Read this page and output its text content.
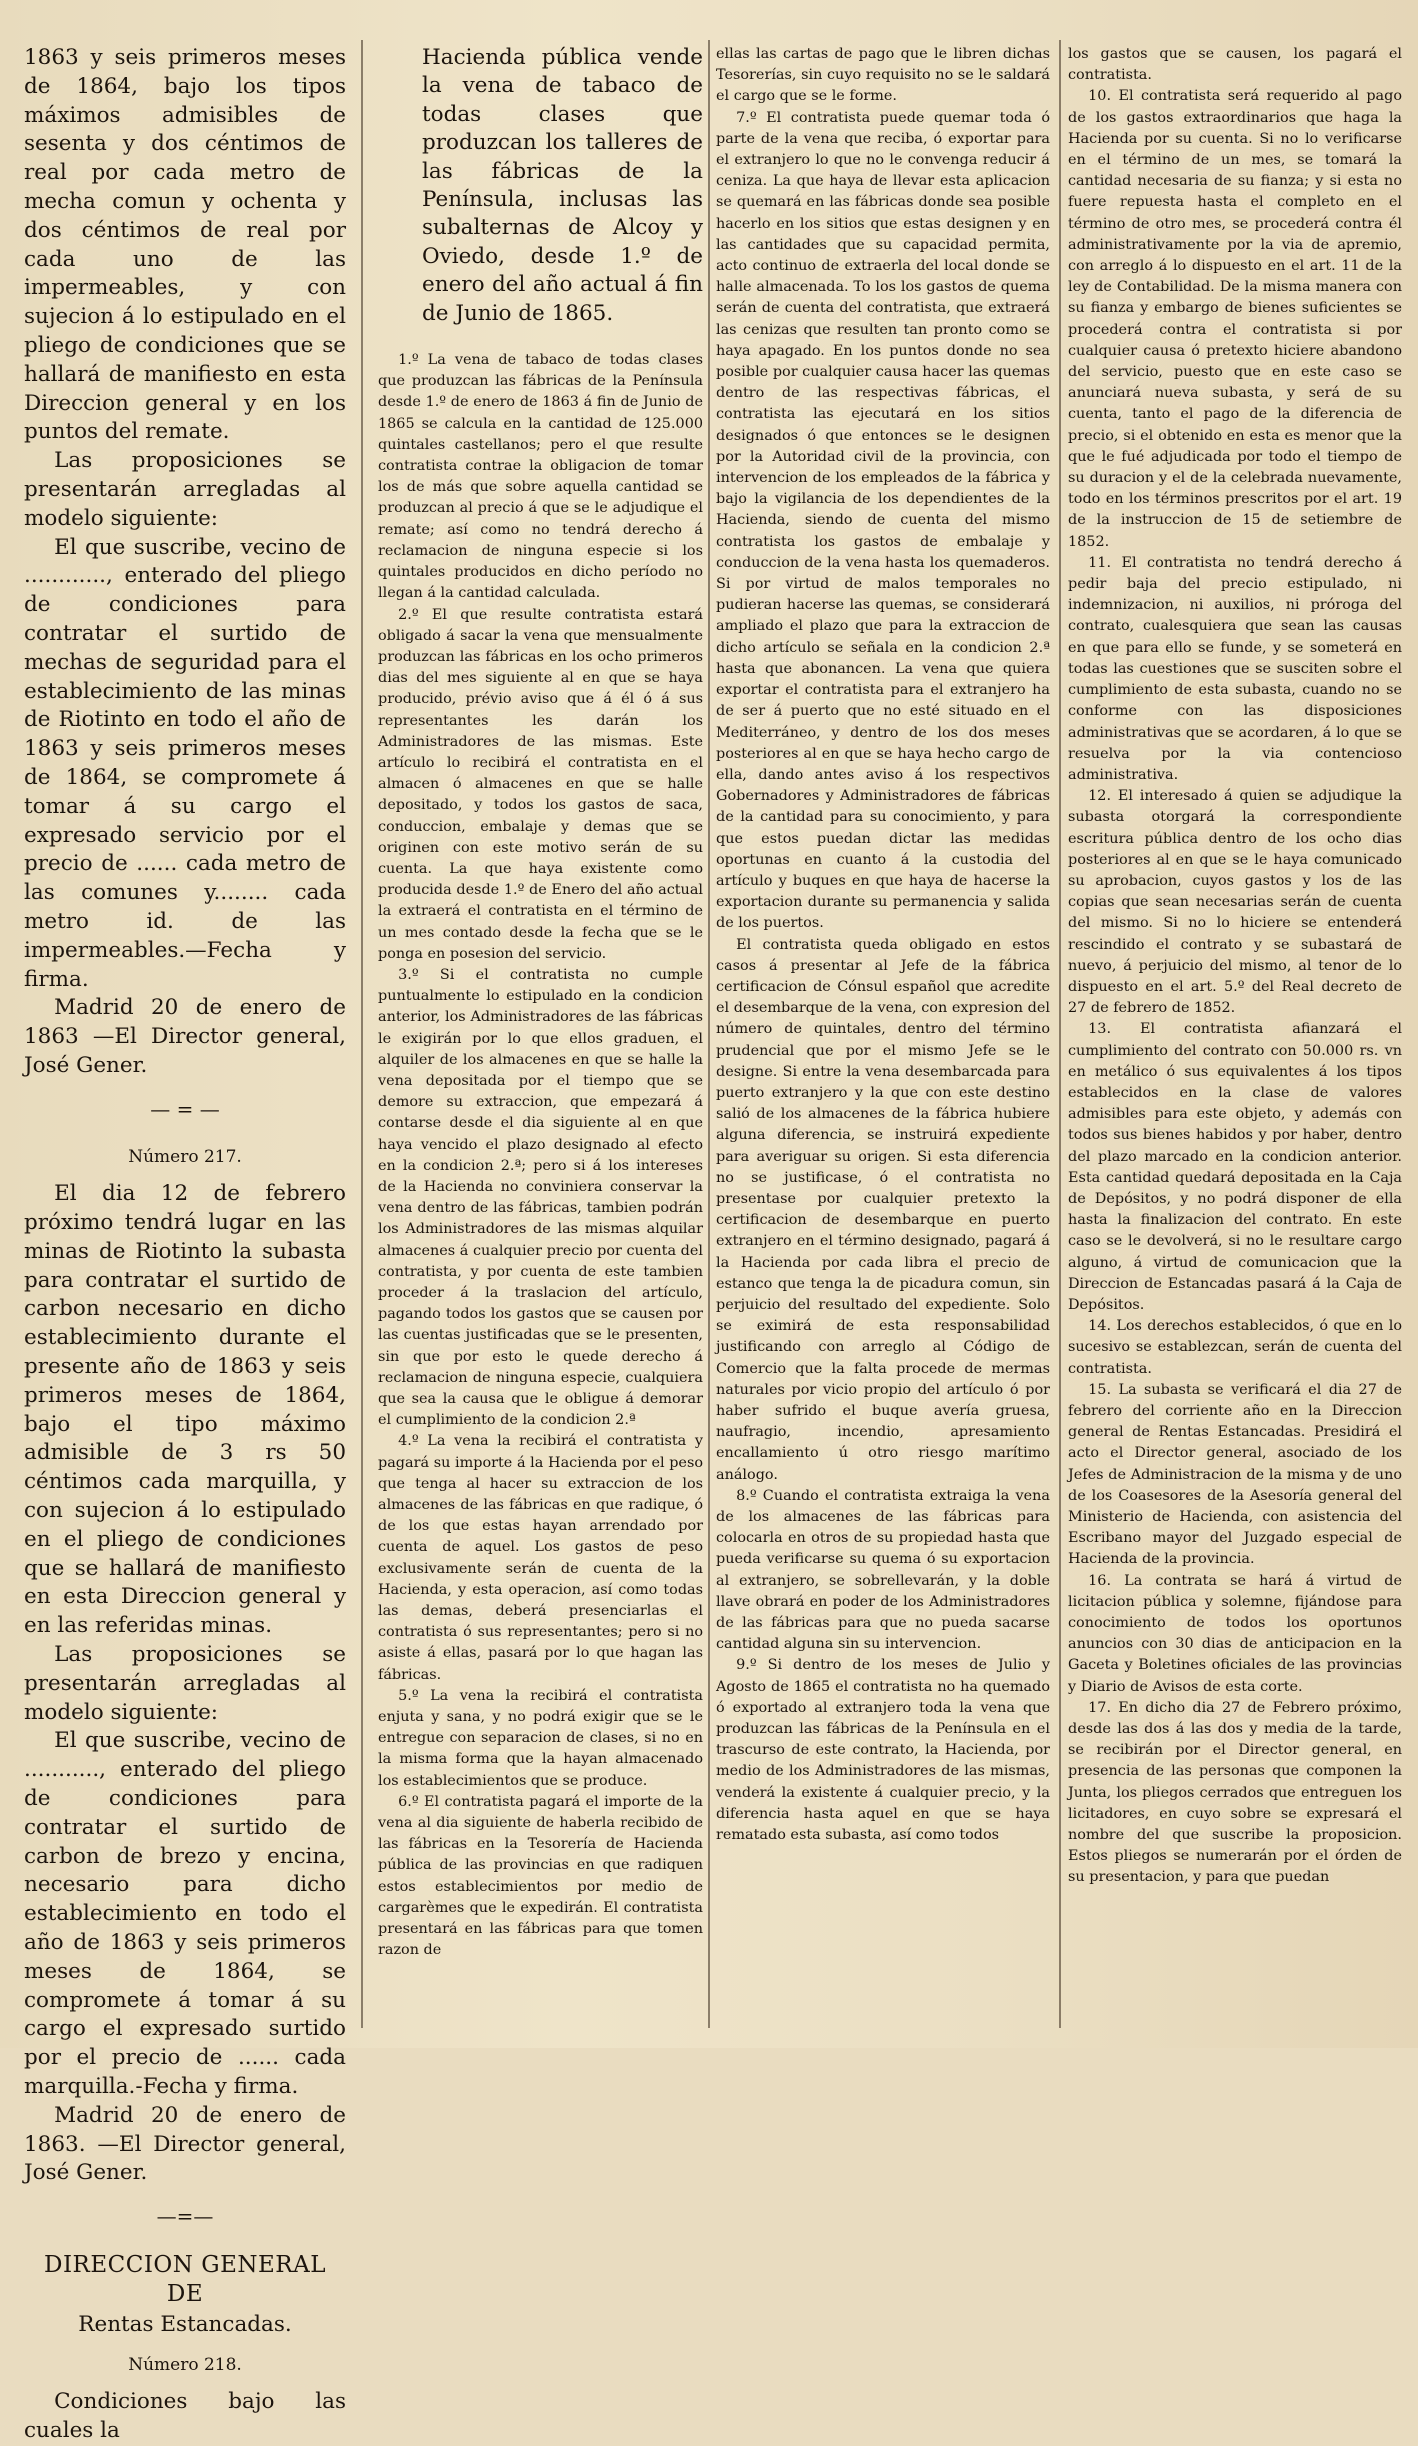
1863 y seis primeros meses de 1864, bajo los tipos máximos admisibles de sesenta y dos céntimos de real por cada metro de mecha comun y ochenta y dos céntimos de real por cada uno de las impermeables, y con sujecion á lo estipulado en el pliego de condiciones que se hallará de manifiesto en esta Direccion general y en los puntos del remate.

Las proposiciones se presentarán arregladas al modelo siguiente:

El que suscribe, vecino de ............, enterado del pliego de condiciones para contratar el surtido de mechas de seguridad para el establecimiento de las minas de Riotinto en todo el año de 1863 y seis primeros meses de 1864, se compromete á tomar á su cargo el expresado servicio por el precio de ...... cada metro de las comunes y........ cada metro id. de las impermeables.—Fecha y firma.

Madrid 20 de enero de 1863 —El Director general, José Gener.

— = —
Número 217.

El dia 12 de febrero próximo tendrá lugar en las minas de Riotinto la subasta para contratar el surtido de carbon necesario en dicho establecimiento durante el presente año de 1863 y seis primeros meses de 1864, bajo el tipo máximo admisible de 3 rs 50 céntimos cada marquilla, y con sujecion á lo estipulado en el pliego de condiciones que se hallará de manifiesto en esta Direccion general y en las referidas minas.

Las proposiciones se presentarán arregladas al modelo siguiente:

El que suscribe, vecino de ..........., enterado del pliego de condiciones para contratar el surtido de carbon de brezo y encina, necesario para dicho establecimiento en todo el año de 1863 y seis primeros meses de 1864, se compromete á tomar á su cargo el expresado surtido por el precio de ...... cada marquilla.-Fecha y firma.

Madrid 20 de enero de 1863. —El Director general, José Gener.

—=—
DIRECCION GENERAL DE
Rentas Estancadas.
Número 218.

Condiciones bajo las cuales la

Hacienda pública vende la vena de tabaco de todas clases que produzcan los talleres de las fábricas de la Península, inclusas las subalternas de Alcoy y Oviedo, desde 1.º de enero del año actual á fin de Junio de 1865.

1.º La vena de tabaco de todas clases que produzcan las fábricas de la Península desde 1.º de enero de 1863 á fin de Junio de 1865 se calcula en la cantidad de 125.000 quintales castellanos; pero el que resulte contratista contrae la obligacion de tomar los de más que sobre aquella cantidad se produzcan al precio á que se le adjudique el remate; así como no tendrá derecho á reclamacion de ninguna especie si los quintales producidos en dicho período no llegan á la cantidad calculada.

2.º El que resulte contratista estará obligado á sacar la vena que mensualmente produzcan las fábricas en los ocho primeros dias del mes siguiente al en que se haya producido, prévio aviso que á él ó á sus representantes les darán los Administradores de las mismas. Este artículo lo recibirá el contratista en el almacen ó almacenes en que se halle depositado, y todos los gastos de saca, conduccion, embalaje y demas que se originen con este motivo serán de su cuenta. La que haya existente como producida desde 1.º de Enero del año actual la extraerá el contratista en el término de un mes contado desde la fecha que se le ponga en posesion del servicio.

3.º Si el contratista no cumple puntualmente lo estipulado en la condicion anterior, los Administradores de las fábricas le exigirán por lo que ellos graduen, el alquiler de los almacenes en que se halle la vena depositada por el tiempo que se demore su extraccion, que empezará á contarse desde el dia siguiente al en que haya vencido el plazo designado al efecto en la condicion 2.ª; pero si á los intereses de la Hacienda no conviniera conservar la vena dentro de las fábricas, tambien podrán los Administradores de las mismas alquilar almacenes á cualquier precio por cuenta del contratista, y por cuenta de este tambien proceder á la traslacion del artículo, pagando todos los gastos que se causen por las cuentas justificadas que se le presenten, sin que por esto le quede derecho á reclamacion de ninguna especie, cualquiera que sea la causa que le obligue á demorar el cumplimiento de la condicion 2.ª

4.º La vena la recibirá el contratista y pagará su importe á la Hacienda por el peso que tenga al hacer su extraccion de los almacenes de las fábricas en que radique, ó de los que estas hayan arrendado por cuenta de aquel. Los gastos de peso exclusivamente serán de cuenta de la Hacienda, y esta operacion, así como todas las demas, deberá presenciarlas el contratista ó sus representantes; pero si no asiste á ellas, pasará por lo que hagan las fábricas.

5.º La vena la recibirá el contratista enjuta y sana, y no podrá exigir que se le entregue con separacion de clases, si no en la misma forma que la hayan almacenado los establecimientos que se produce.

6.º El contratista pagará el importe de la vena al dia siguiente de haberla recibido de las fábricas en la Tesorería de Hacienda pública de las provincias en que radiquen estos establecimientos por medio de cargarèmes que le expedirán. El contratista presentará en las fábricas para que tomen razon de

ellas las cartas de pago que le libren dichas Tesorerías, sin cuyo requisito no se le saldará el cargo que se le forme.

7.º El contratista puede quemar toda ó parte de la vena que reciba, ó exportar para el extranjero lo que no le convenga reducir á ceniza. La que haya de llevar esta aplicacion se quemará en las fábricas donde sea posible hacerlo en los sitios que estas designen y en las cantidades que su capacidad permita, acto continuo de extraerla del local donde se halle almacenada. To los los gastos de quema serán de cuenta del contratista, que extraerá las cenizas que resulten tan pronto como se haya apagado. En los puntos donde no sea posible por cualquier causa hacer las quemas dentro de las respectivas fábricas, el contratista las ejecutará en los sitios designados ó que entonces se le designen por la Autoridad civil de la provincia, con intervencion de los empleados de la fábrica y bajo la vigilancia de los dependientes de la Hacienda, siendo de cuenta del mismo contratista los gastos de embalaje y conduccion de la vena hasta los quemaderos. Si por virtud de malos temporales no pudieran hacerse las quemas, se considerará ampliado el plazo que para la extraccion de dicho artículo se señala en la condicion 2.ª hasta que abonancen. La vena que quiera exportar el contratista para el extranjero ha de ser á puerto que no esté situado en el Mediterráneo, y dentro de los dos meses posteriores al en que se haya hecho cargo de ella, dando antes aviso á los respectivos Gobernadores y Administradores de fábricas de la cantidad para su conocimiento, y para que estos puedan dictar las medidas oportunas en cuanto á la custodia del artículo y buques en que haya de hacerse la exportacion durante su permanencia y salida de los puertos.

El contratista queda obligado en estos casos á presentar al Jefe de la fábrica certificacion de Cónsul español que acredite el desembarque de la vena, con expresion del número de quintales, dentro del término prudencial que por el mismo Jefe se le designe. Si entre la vena desembarcada para puerto extranjero y la que con este destino salió de los almacenes de la fábrica hubiere alguna diferencia, se instruirá expediente para averiguar su origen. Si esta diferencia no se justificase, ó el contratista no presentase por cualquier pretexto la certificacion de desembarque en puerto extranjero en el término designado, pagará á la Hacienda por cada libra el precio de estanco que tenga la de picadura comun, sin perjuicio del resultado del expediente. Solo se eximirá de esta responsabilidad justificando con arreglo al Código de Comercio que la falta procede de mermas naturales por vicio propio del artículo ó por haber sufrido el buque avería gruesa, naufragio, incendio, apresamiento encallamiento ú otro riesgo marítimo análogo.

8.º Cuando el contratista extraiga la vena de los almacenes de las fábricas para colocarla en otros de su propiedad hasta que pueda verificarse su quema ó su exportacion al extranjero, se sobrellevarán, y la doble llave obrará en poder de los Administradores de las fábricas para que no pueda sacarse cantidad alguna sin su intervencion.

9.º Si dentro de los meses de Julio y Agosto de 1865 el contratista no ha quemado ó exportado al extranjero toda la vena que produzcan las fábricas de la Península en el trascurso de este contrato, la Hacienda, por medio de los Administradores de las mismas, venderá la existente á cualquier precio, y la diferencia hasta aquel en que se haya rematado esta subasta, así como todos

los gastos que se causen, los pagará el contratista.

10. El contratista será requerido al pago de los gastos extraordinarios que haga la Hacienda por su cuenta. Si no lo verificarse en el término de un mes, se tomará la cantidad necesaria de su fianza; y si esta no fuere repuesta hasta el completo en el término de otro mes, se procederá contra él administrativamente por la via de apremio, con arreglo á lo dispuesto en el art. 11 de la ley de Contabilidad. De la misma manera con su fianza y embargo de bienes suficientes se procederá contra el contratista si por cualquier causa ó pretexto hiciere abandono del servicio, puesto que en este caso se anunciará nueva subasta, y será de su cuenta, tanto el pago de la diferencia de precio, si el obtenido en esta es menor que la que le fué adjudicada por todo el tiempo de su duracion y el de la celebrada nuevamente, todo en los términos prescritos por el art. 19 de la instruccion de 15 de setiembre de 1852.

11. El contratista no tendrá derecho á pedir baja del precio estipulado, ni indemnizacion, ni auxilios, ni próroga del contrato, cualesquiera que sean las causas en que para ello se funde, y se someterá en todas las cuestiones que se susciten sobre el cumplimiento de esta subasta, cuando no se conforme con las disposiciones administrativas que se acordaren, á lo que se resuelva por la via contencioso administrativa.

12. El interesado á quien se adjudique la subasta otorgará la correspondiente escritura pública dentro de los ocho dias posteriores al en que se le haya comunicado su aprobacion, cuyos gastos y los de las copias que sean necesarias serán de cuenta del mismo. Si no lo hiciere se entenderá rescindido el contrato y se subastará de nuevo, á perjuicio del mismo, al tenor de lo dispuesto en el art. 5.º del Real decreto de 27 de febrero de 1852.

13. El contratista afianzará el cumplimiento del contrato con 50.000 rs. vn en metálico ó sus equivalentes á los tipos establecidos en la clase de valores admisibles para este objeto, y además con todos sus bienes habidos y por haber, dentro del plazo marcado en la condicion anterior. Esta cantidad quedará depositada en la Caja de Depósitos, y no podrá disponer de ella hasta la finalizacion del contrato. En este caso se le devolverá, si no le resultare cargo alguno, á virtud de comunicacion que la Direccion de Estancadas pasará á la Caja de Depósitos.

14. Los derechos establecidos, ó que en lo sucesivo se establezcan, serán de cuenta del contratista.

15. La subasta se verificará el dia 27 de febrero del corriente año en la Direccion general de Rentas Estancadas. Presidirá el acto el Director general, asociado de los Jefes de Administracion de la misma y de uno de los Coasesores de la Asesoría general del Ministerio de Hacienda, con asistencia del Escribano mayor del Juzgado especial de Hacienda de la provincia.

16. La contrata se hará á virtud de licitacion pública y solemne, fijándose para conocimiento de todos los oportunos anuncios con 30 dias de anticipacion en la Gaceta y Boletines oficiales de las provincias y Diario de Avisos de esta corte.

17. En dicho dia 27 de Febrero próximo, desde las dos á las dos y media de la tarde, se recibirán por el Director general, en presencia de las personas que componen la Junta, los pliegos cerrados que entreguen los licitadores, en cuyo sobre se expresará el nombre del que suscribe la proposicion. Estos pliegos se numerarán por el órden de su presentacion, y para que puedan
